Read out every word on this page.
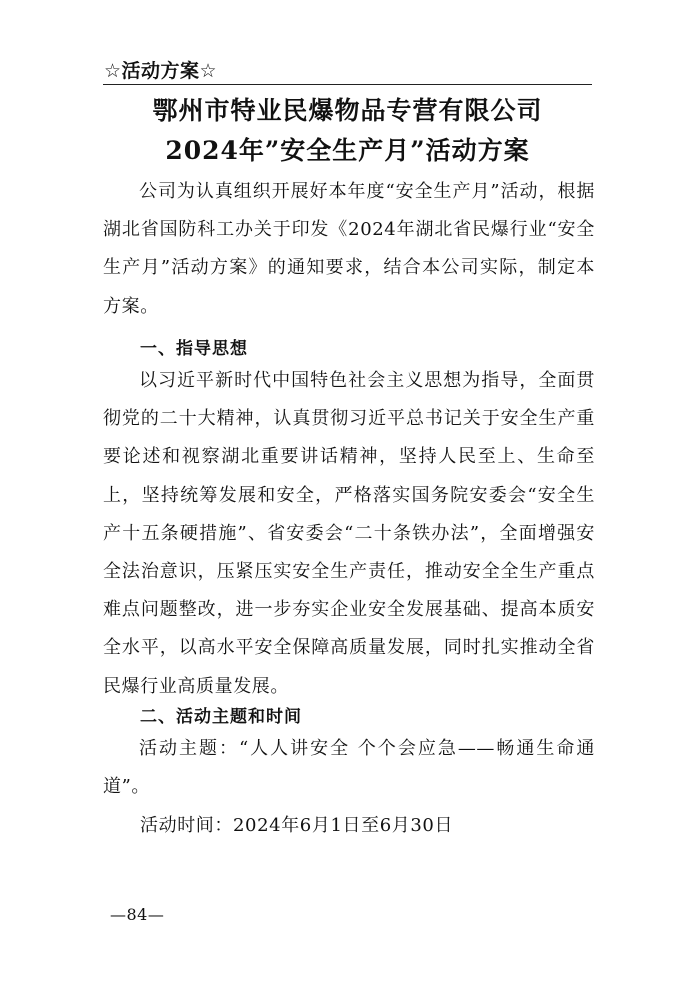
☆活动方案☆
鄂州市特业民爆物品专营有限公司
2024年”安全生产月”活动方案
公司为认真组织开展好本年度“安全生产月”活动，根据湖北省国防科工办关于印发《2024年湖北省民爆行业“安全生产月”活动方案》的通知要求，结合本公司实际，制定本方案。
一、指导思想
以习近平新时代中国特色社会主义思想为指导，全面贯彻党的二十大精神，认真贯彻习近平总书记关于安全生产重要论述和视察湖北重要讲话精神，坚持人民至上、生命至上，坚持统筹发展和安全，严格落实国务院安委会“安全生产十五条硬措施”、省安委会“二十条铁办法”，全面增强安全法治意识，压紧压实安全生产责任，推动安全全生产重点难点问题整改，进一步夯实企业安全发展基础、提高本质安全水平，以高水平安全保障高质量发展，同时扎实推动全省民爆行业高质量发展。
二、活动主题和时间
活动主题：“人人讲安全 个个会应急——畅通生命通道”。
活动时间：2024年6月1日至6月30日
—84—
